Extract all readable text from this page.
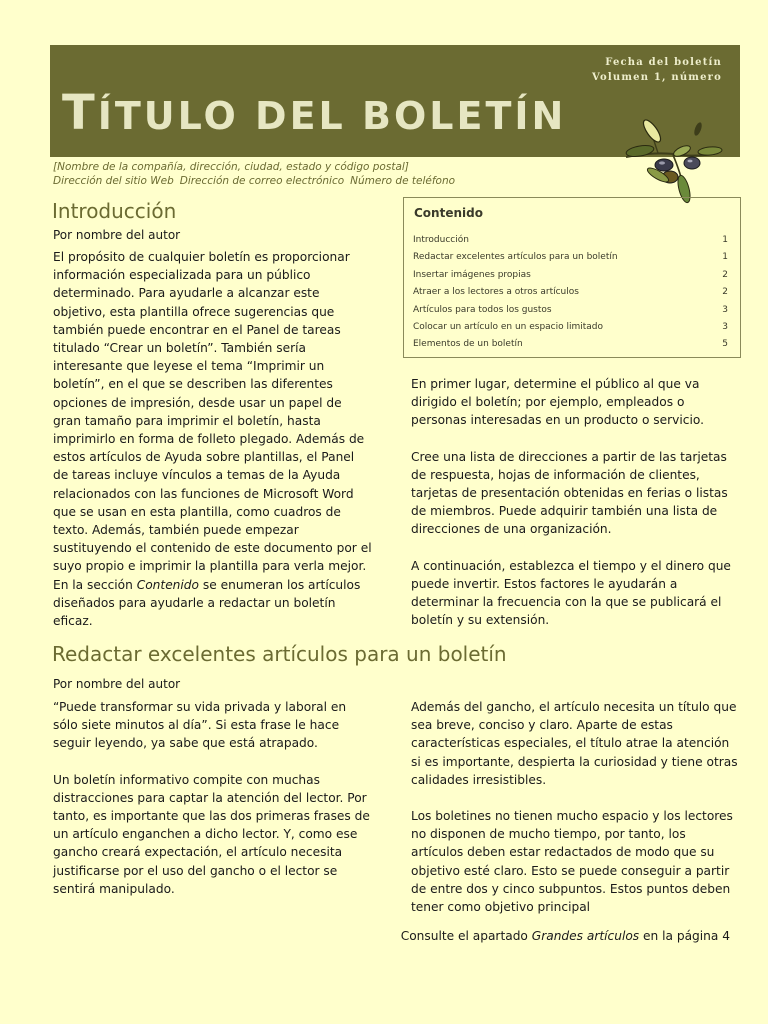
Fecha del boletín
Volumen 1, número
TÍTULO DEL BOLETÍN
[Nombre de la compañía, dirección, ciudad, estado y código postal]
Dirección del sitio Web Dirección de correo electrónico Número de teléfono
Introducción
Por nombre del autor

El propósito de cualquier boletín es proporcionar información especializada para un público determinado. Para ayudarle a alcanzar este objetivo, esta plantilla ofrece sugerencias que también puede encontrar en el Panel de tareas titulado “Crear un boletín”. También sería interesante que leyese el tema “Imprimir un boletín”, en el que se describen las diferentes opciones de impresión, desde usar un papel de gran tamaño para imprimir el boletín, hasta imprimirlo en forma de folleto plegado. Además de estos artículos de Ayuda sobre plantillas, el Panel de tareas incluye vínculos a temas de la Ayuda relacionados con las funciones de Microsoft Word que se usan en esta plantilla, como cuadros de texto. Además, también puede empezar sustituyendo el contenido de este documento por el suyo propio e imprimir la plantilla para verla mejor. En la sección Contenido se enumeran los artículos diseñados para ayudarle a redactar un boletín eficaz.

Contenido
Introducción	1
Redactar excelentes artículos para un boletín	1
Insertar imágenes propias	2
Atraer a los lectores a otros artículos	2
Artículos para todos los gustos	3
Colocar un artículo en un espacio limitado	3
Elementos de un boletín	5

En primer lugar, determine el público al que va dirigido el boletín; por ejemplo, empleados o personas interesadas en un producto o servicio.

Cree una lista de direcciones a partir de las tarjetas de respuesta, hojas de información de clientes, tarjetas de presentación obtenidas en ferias o listas de miembros. Puede adquirir también una lista de direcciones de una organización.

A continuación, establezca el tiempo y el dinero que puede invertir. Estos factores le ayudarán a determinar la frecuencia con la que se publicará el boletín y su extensión.

Redactar excelentes artículos para un boletín
Por nombre del autor

“Puede transformar su vida privada y laboral en sólo siete minutos al día”. Si esta frase le hace seguir leyendo, ya sabe que está atrapado.

Un boletín informativo compite con muchas distracciones para captar la atención del lector. Por tanto, es importante que las dos primeras frases de un artículo enganchen a dicho lector. Y, como ese gancho creará expectación, el artículo necesita justificarse por el uso del gancho o el lector se sentirá manipulado.

Además del gancho, el artículo necesita un título que sea breve, conciso y claro. Aparte de estas características especiales, el título atrae la atención si es importante, despierta la curiosidad y tiene otras calidades irresistibles.

Los boletines no tienen mucho espacio y los lectores no disponen de mucho tiempo, por tanto, los artículos deben estar redactados de modo que su objetivo esté claro. Esto se puede conseguir a partir de entre dos y cinco subpuntos. Estos puntos deben tener como objetivo principal

Consulte el apartado Grandes artículos en la página 4
